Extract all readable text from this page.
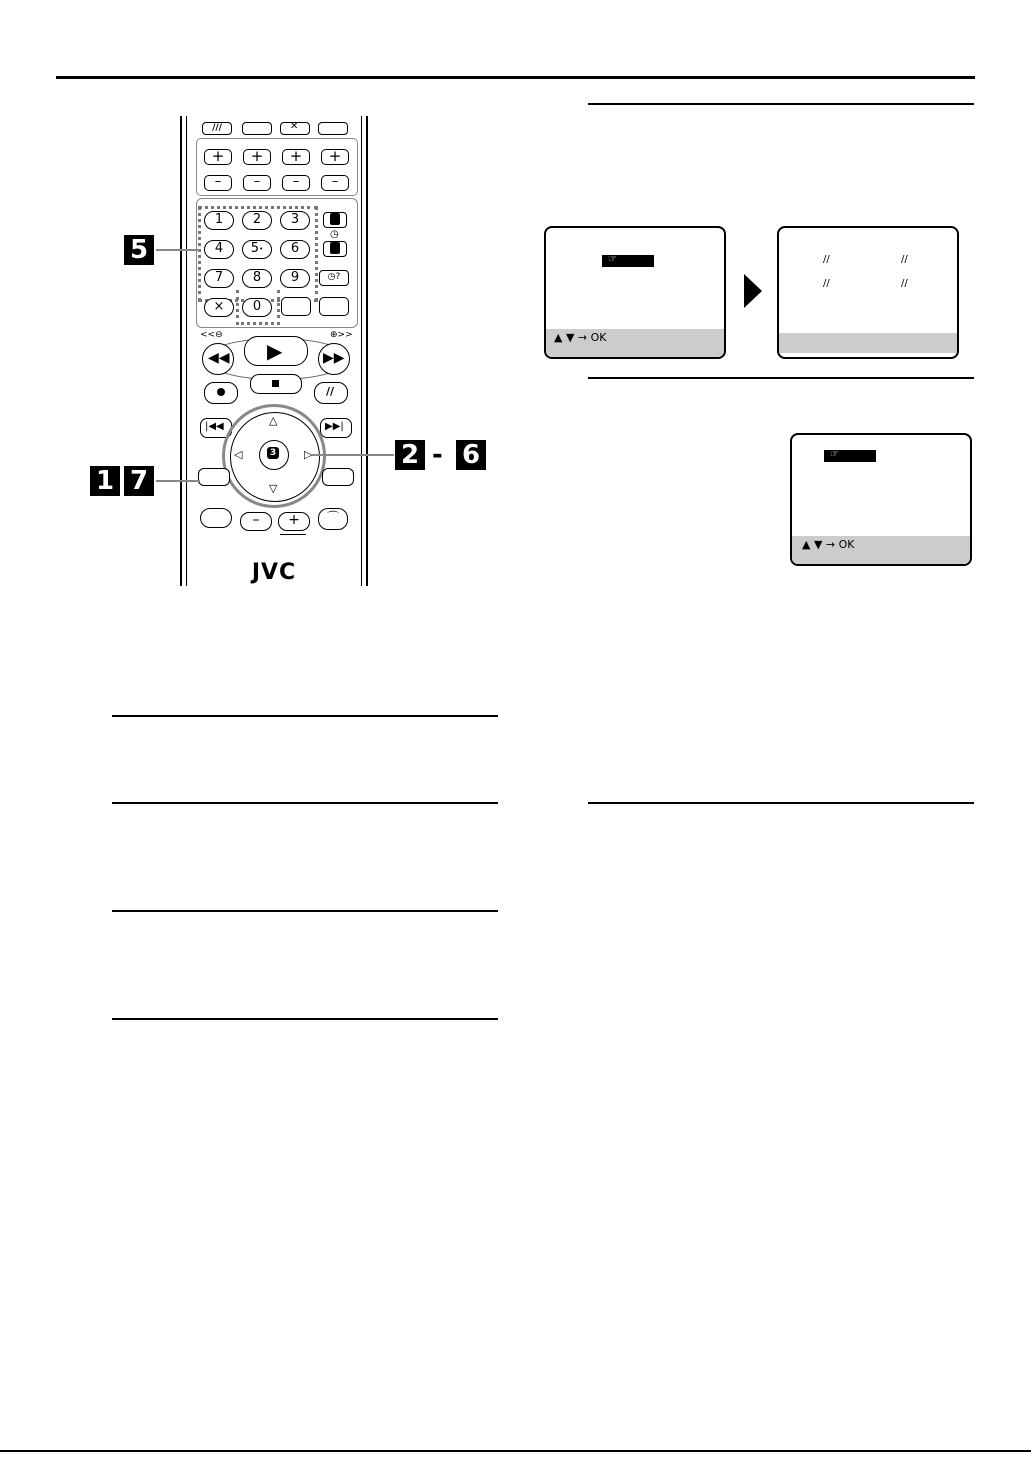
/‌//	✕
+	+	+	+
–	–	–	–
1	2	3
4	5•	6
7	8	9
×	0
◷
◷?
<<⊖	⊕>>
◀◀ ▶	▶▶
//
|◀◀	▶▶|
△
▽
◁	▷
3
–	+	⌒
JVC
5
1 7
2 - 6
☞
▲ ▼ → OK
//	//
//	//
☞
▲ ▼ → OK
